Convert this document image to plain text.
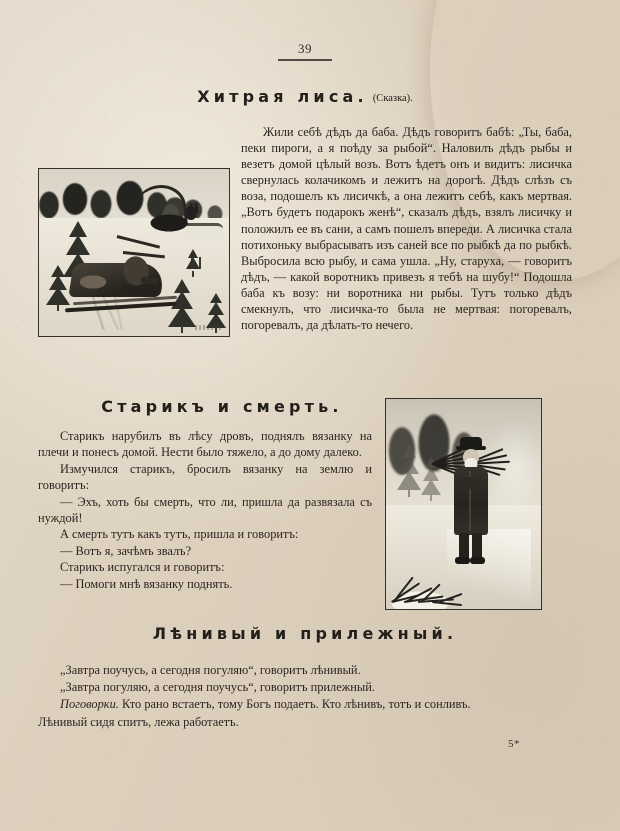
39
Хитрая лиса. (Сказка).

Жили себѣ дѣдъ да баба. Дѣдъ говоритъ бабѣ: „Ты, баба, пеки пироги, а я поѣду за рыбой“. Наловилъ дѣдъ рыбы и везетъ домой цѣлый возъ. Вотъ ѣдетъ онъ и видитъ: лисичка свернулась колачикомъ и лежитъ на дорогѣ. Дѣдъ слѣзъ съ воза, подошелъ къ лисичкѣ, а она лежитъ себѣ, какъ мертвая. „Вотъ будетъ подарокъ женѣ“, сказалъ дѣдъ, взялъ лисичку и положилъ ее въ сани, а самъ пошелъ впереди. А лисичка стала потихоньку выбрасывать изъ саней все по рыбкѣ да по рыбкѣ. Выбросила всю рыбу, и сама ушла. „Ну, старуха, — говоритъ дѣдъ, — какой воротникъ привезъ я тебѣ на шубу!“ Подошла баба къ возу: ни воротника ни рыбы. Тутъ только дѣдъ смекнулъ, что лисичка-то была не мертвая: погоревалъ, погоревалъ, да дѣлать-то нечего.

Старикъ и смерть.

Старикъ нарубилъ въ лѣсу дровъ, поднялъ вязанку на плечи и понесъ домой. Нести было тяжело, а до дому далеко.

Измучился старикъ, бросилъ вязанку на землю и говоритъ:

— Эхъ, хоть бы смерть, что ли, пришла да развязала съ нуждой!

А смерть тутъ какъ тутъ, пришла и говоритъ:

— Вотъ я, зачѣмъ звалъ?

Старикъ испугался и говоритъ:

— Помоги мнѣ вязанку поднять.

Лѣнивый и прилежный.

„Завтра поучусь, а сегодня погуляю“, говоритъ лѣнивый.

„Завтра погуляю, а сегодня поучусь“, говоритъ прилежный.

Поговорки. Кто рано встаетъ, тому Богъ подаетъ. Кто лѣнивъ, тотъ и сонливъ. Лѣнивый сидя спитъ, лежа работаетъ.

5*
